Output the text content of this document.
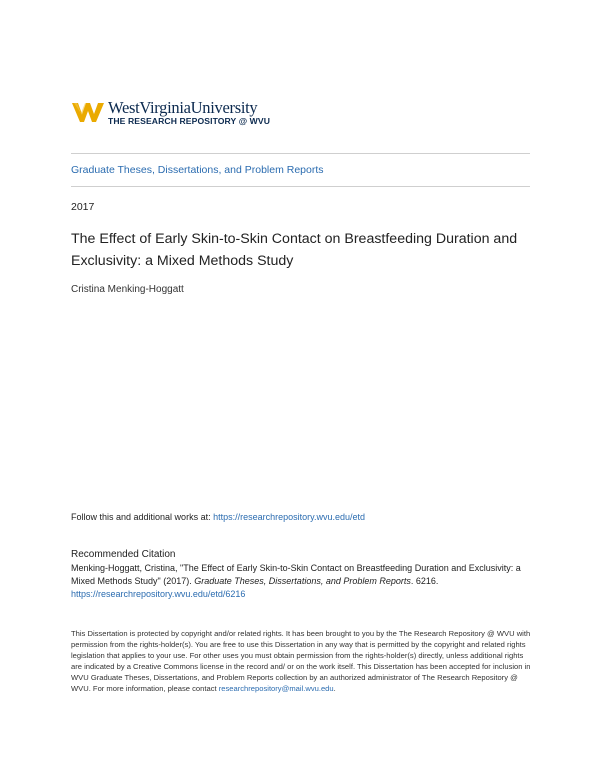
WestVirginiaUniversity
THE RESEARCH REPOSITORY @ WVU
Graduate Theses, Dissertations, and Problem Reports
2017
The Effect of Early Skin-to-Skin Contact on Breastfeeding Duration and Exclusivity: a Mixed Methods Study
Cristina Menking-Hoggatt
Follow this and additional works at: https://researchrepository.wvu.edu/etd
Recommended Citation

Menking-Hoggatt, Cristina, "The Effect of Early Skin-to-Skin Contact on Breastfeeding Duration and Exclusivity: a Mixed Methods Study" (2017). Graduate Theses, Dissertations, and Problem Reports. 6216.
https://researchrepository.wvu.edu/etd/6216

This Dissertation is protected by copyright and/or related rights. It has been brought to you by the The Research Repository @ WVU with permission from the rights-holder(s). You are free to use this Dissertation in any way that is permitted by the copyright and related rights legislation that applies to your use. For other uses you must obtain permission from the rights-holder(s) directly, unless additional rights are indicated by a Creative Commons license in the record and/ or on the work itself. This Dissertation has been accepted for inclusion in WVU Graduate Theses, Dissertations, and Problem Reports collection by an authorized administrator of The Research Repository @ WVU. For more information, please contact researchrepository@mail.wvu.edu.
